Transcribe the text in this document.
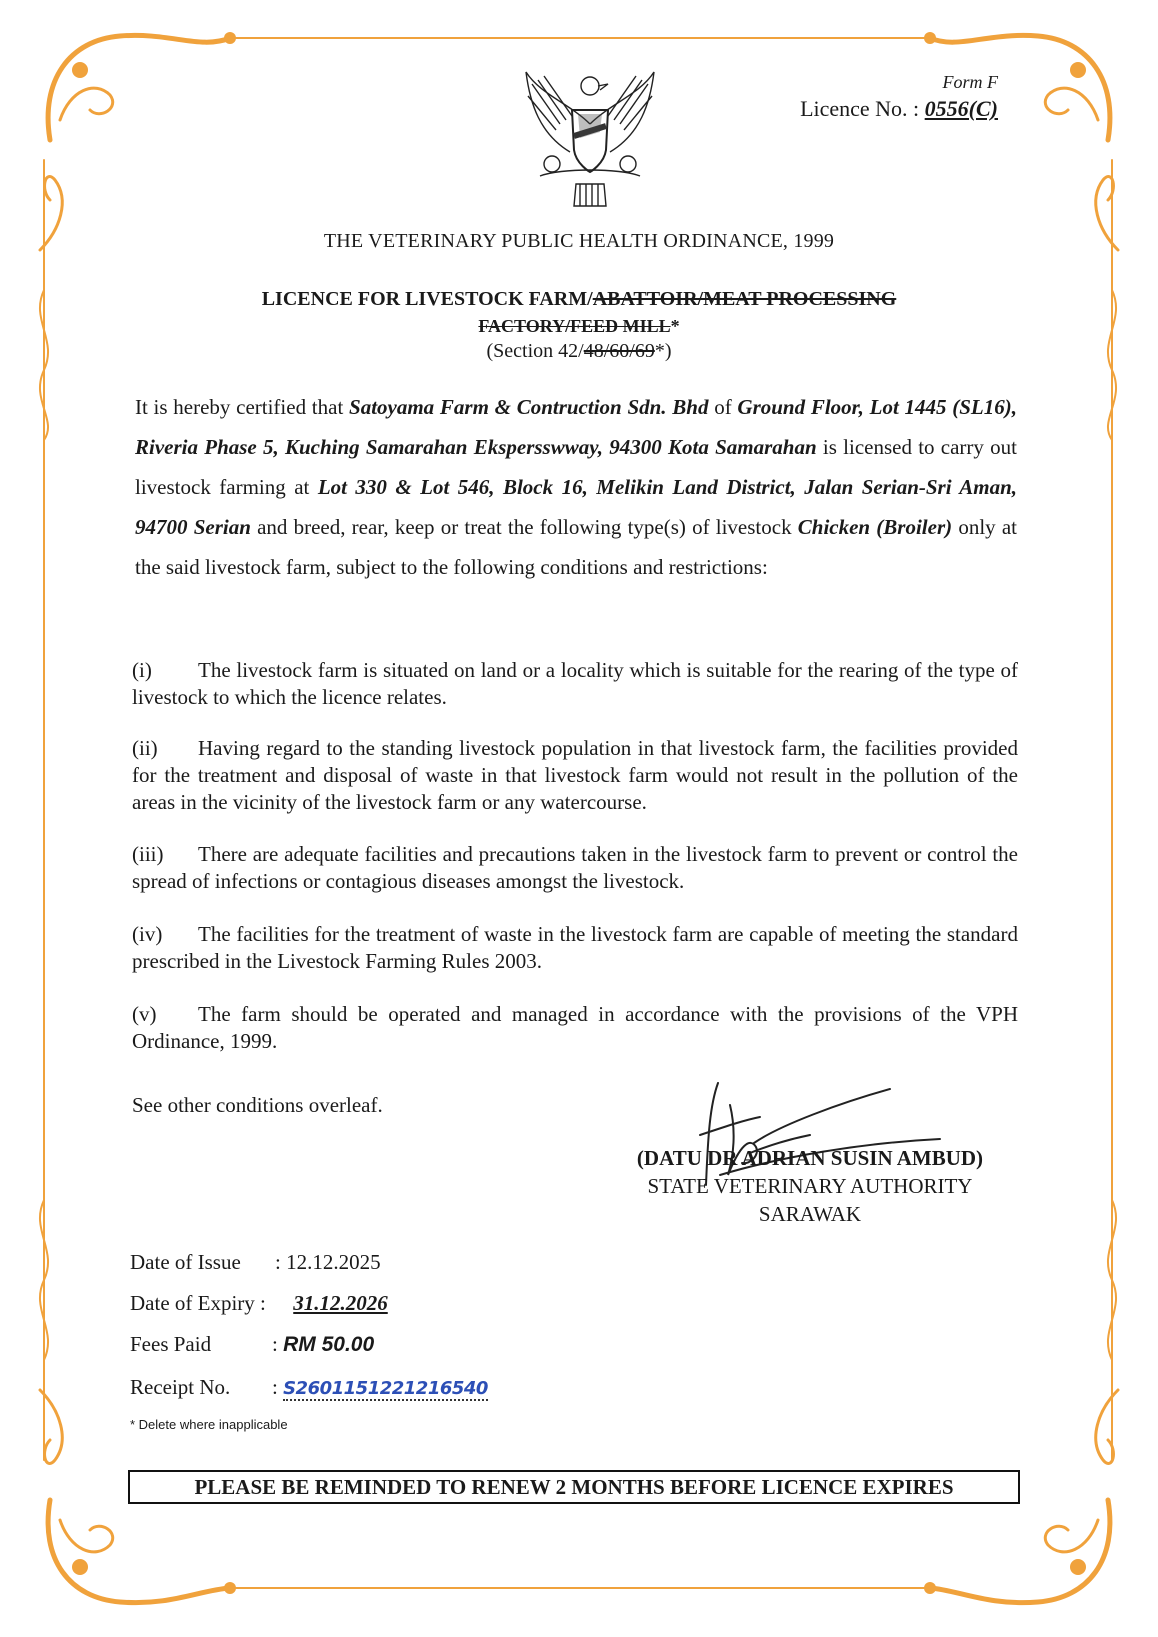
Form F
Licence No. : 0556(C)
THE VETERINARY PUBLIC HEALTH ORDINANCE, 1999
LICENCE FOR LIVESTOCK FARM/ABATTOIR/MEAT PROCESSING
FACTORY/FEED MILL*
(Section 42/48/60/69*)

It is hereby certified that Satoyama Farm & Contruction Sdn. Bhd of Ground Floor, Lot 1445 (SL16), Riveria Phase 5, Kuching Samarahan Ekspersswway, 94300 Kota Samarahan is licensed to carry out livestock farming at Lot 330 & Lot 546, Block 16, Melikin Land District, Jalan Serian-Sri Aman, 94700 Serian and breed, rear, keep or treat the following type(s) of livestock Chicken (Broiler) only at the said livestock farm, subject to the following conditions and restrictions:

(i) The livestock farm is situated on land or a locality which is suitable for the rearing of the type of livestock to which the licence relates.

(ii) Having regard to the standing livestock population in that livestock farm, the facilities provided for the treatment and disposal of waste in that livestock farm would not result in the pollution of the areas in the vicinity of the livestock farm or any watercourse.

(iii) There are adequate facilities and precautions taken in the livestock farm to prevent or control the spread of infections or contagious diseases amongst the livestock.

(iv) The facilities for the treatment of waste in the livestock farm are capable of meeting the standard prescribed in the Livestock Farming Rules 2003.

(v) The farm should be operated and managed in accordance with the provisions of the VPH Ordinance, 1999.

See other conditions overleaf.
(DATU DR ADRIAN SUSIN AMBUD)
STATE VETERINARY AUTHORITY
SARAWAK
Date of Issue : 12.12.2025
Date of Expiry : 31.12.2026
Fees Paid	: RM 50.00
Receipt No. : S2601151221216540
* Delete where inapplicable
PLEASE BE REMINDED TO RENEW 2 MONTHS BEFORE LICENCE EXPIRES
